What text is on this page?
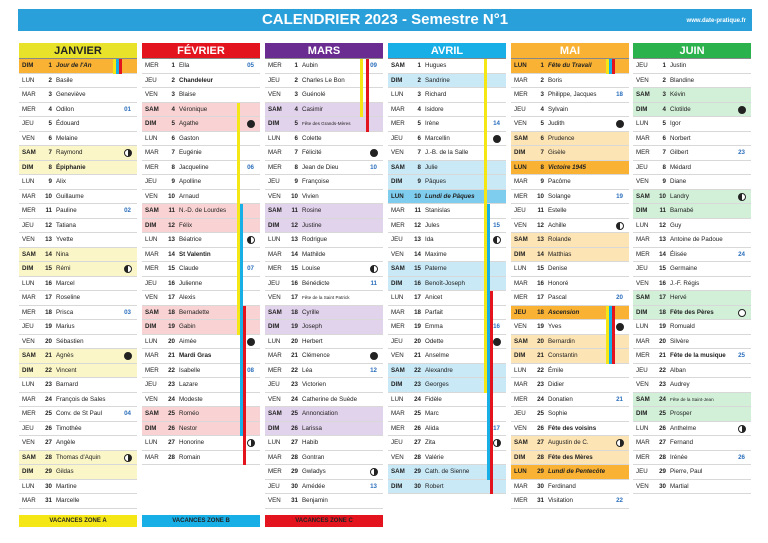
CALENDRIER 2023 - Semestre N°1	www.date-pratique.fr
JANVIER
DIM	1 Jour de l'An
LUN	2 Basile
MAR	3 Geneviève
MER	4 Odilon	01
JEU	5 Édouard
VEN	6 Melaine
SAM	7 Raymond
DIM	8 Épiphanie
LUN	9 Alix
MAR	10 Guillaume
MER	11 Pauline	02
JEU	12 Tatiana
VEN	13 Yvette
SAM	14 Nina
DIM	15 Rémi
LUN	16 Marcel
MAR	17 Roseline
MER	18 Prisca	03
JEU	19 Marius
VEN	20 Sébastien
SAM	21 Agnès
DIM	22 Vincent
LUN	23 Barnard
MAR	24 François de Sales
MER	25 Conv. de St Paul	04
JEU	26 Timothée
VEN	27 Angèle
SAM	28 Thomas d'Aquin
DIM	29 Gildas
LUN	30 Martine
MAR	31 Marcelle
FÉVRIER
MER	1 Ella	05
JEU	2 Chandeleur
VEN	3 Blaise
SAM	4 Véronique
DIM	5 Agathe
LUN	6 Gaston
MAR	7 Eugénie
MER	8 Jacqueline	06
JEU	9 Apolline
VEN	10 Arnaud
SAM	11 N.-D. de Lourdes
DIM	12 Félix
LUN	13 Béatrice
MAR	14 St Valentin
MER	15 Claude	07
JEU	16 Julienne
VEN	17 Alexis
SAM	18 Bernadette
DIM	19 Gabin
LUN	20 Aimée
MAR	21 Mardi Gras
MER	22 Isabelle	08
JEU	23 Lazare
VEN	24 Modeste
SAM	25 Roméo
DIM	26 Nestor
LUN	27 Honorine
MAR	28 Romain
MARS
MER	1 Aubin	09
JEU	2 Charles Le Bon
VEN	3 Guénolé
SAM	4 Casimir
DIM	5 Fête des Grands-Mères
LUN	6 Colette
MAR	7 Félicité
MER	8 Jean de Dieu	10
JEU	9 Françoise
VEN	10 Vivien
SAM	11 Rosine
DIM	12 Justine
LUN	13 Rodrigue
MAR	14 Mathilde
MER	15 Louise
JEU	16 Bénédicte	11
VEN	17 Fête de la Saint Patrick
SAM	18 Cyrille
DIM	19 Joseph
LUN	20 Herbert
MAR	21 Clémence
MER	22 Léa	12
JEU	23 Victorien
VEN	24 Catherine de Suède
SAM	25 Annonciation
DIM	26 Larissa
LUN	27 Habib
MAR	28 Gontran
MER	29 Gwladys
JEU	30 Amédée	13
VEN	31 Benjamin
AVRIL
SAM	1 Hugues
DIM	2 Sandrine
LUN	3 Richard
MAR	4 Isidore
MER	5 Irène	14
JEU	6 Marcellin
VEN	7 J.-B. de la Salle
SAM	8 Julie
DIM	9 Pâques
LUN	10 Lundi de Pâques
MAR	11 Stanislas
MER	12 Jules	15
JEU	13 Ida
VEN	14 Maxime
SAM	15 Paterne
DIM	16 Benoît-Joseph
LUN	17 Anicet
MAR	18 Parfait
MER	19 Emma	16
JEU	20 Odette
VEN	21 Anselme
SAM	22 Alexandre
DIM	23 Georges
LUN	24 Fidèle
MAR	25 Marc
MER	26 Alida	17
JEU	27 Zita
VEN	28 Valérie
SAM	29 Cath. de Sienne
DIM	30 Robert
MAI
LUN	1 Fête du Travail
MAR	2 Boris
MER	3 Philippe, Jacques	18
JEU	4 Sylvain
VEN	5 Judith
SAM	6 Prudence
DIM	7 Gisèle
LUN	8 Victoire 1945
MAR	9 Pacôme
MER	10 Solange	19
JEU	11 Estelle
VEN	12 Achille
SAM	13 Rolande
DIM	14 Matthias
LUN	15 Denise
MAR	16 Honoré
MER	17 Pascal	20
JEU	18 Ascension
VEN	19 Yves
SAM	20 Bernardin
DIM	21 Constantin
LUN	22 Émile
MAR	23 Didier
MER	24 Donatien	21
JEU	25 Sophie
VEN	26 Fête des voisins
SAM	27 Augustin de C.
DIM	28 Fête des Mères
LUN	29 Lundi de Pentecôte
MAR	30 Ferdinand
MER	31 Visitation	22
JUIN
JEU	1 Justin
VEN	2 Blandine
SAM	3 Kévin
DIM	4 Clotilde
LUN	5 Igor
MAR	6 Norbert
MER	7 Gilbert	23
JEU	8 Médard
VEN	9 Diane
SAM	10 Landry
DIM	11 Barnabé
LUN	12 Guy
MAR	13 Antoine de Padoue
MER	14 Élisée	24
JEU	15 Germaine
VEN	16 J.-F. Régis
SAM	17 Hervé
DIM	18 Fête des Pères
LUN	19 Romuald
MAR	20 Silvère
MER	21 Fête de la musique	25
JEU	22 Alban
VEN	23 Audrey
SAM	24 Fête de la Saint-Jean
DIM	25 Prosper
LUN	26 Anthelme
MAR	27 Fernand
MER	28 Irénée	26
JEU	29 Pierre, Paul
VEN	30 Martial
VACANCES ZONE A	VACANCES ZONE B	VACANCES ZONE C
